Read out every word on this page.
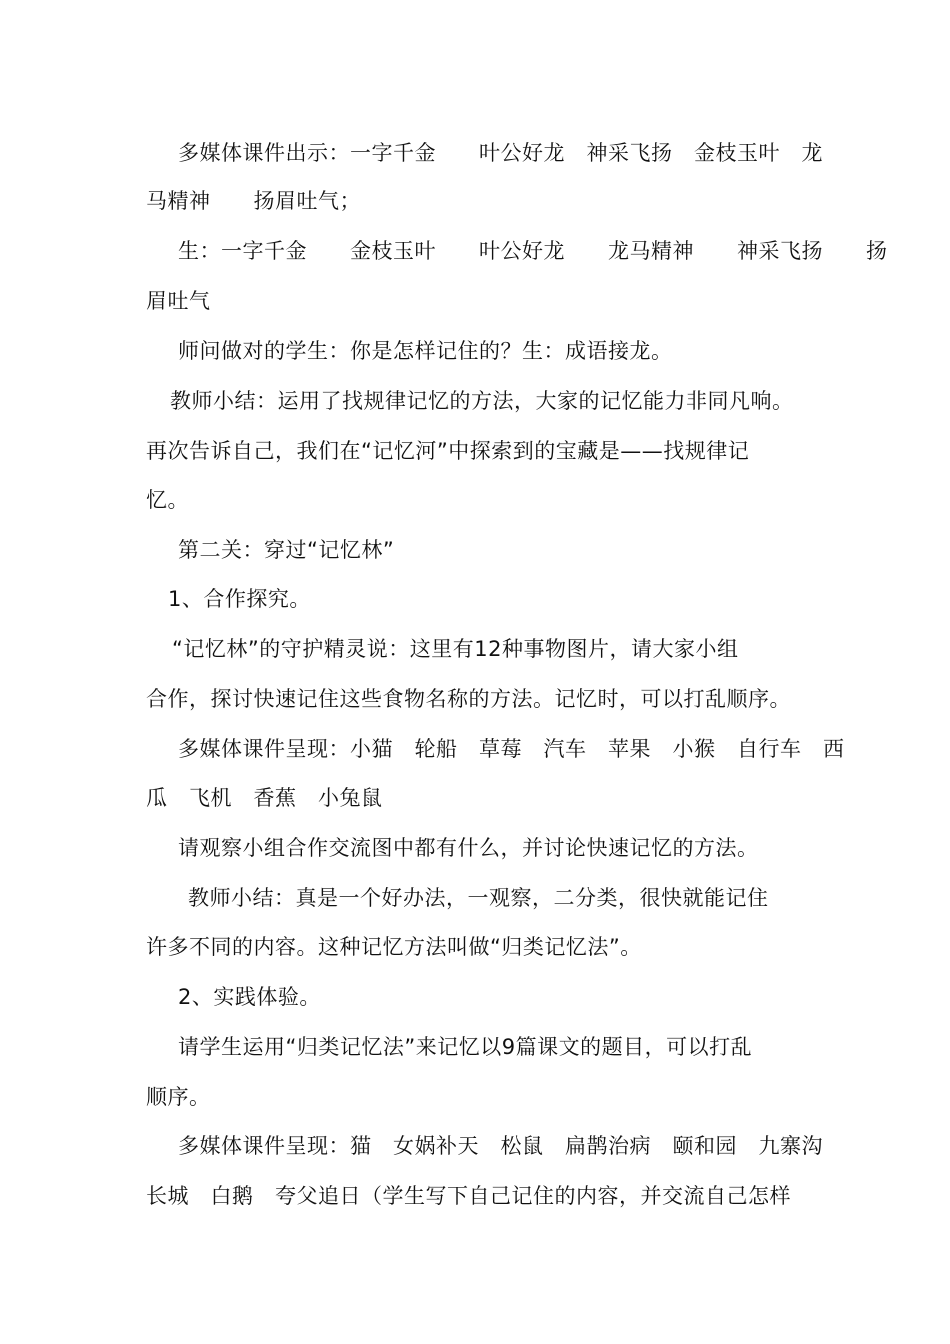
多媒体课件出示：一字千金　　叶公好龙　神采飞扬　金枝玉叶　龙
马精神　　扬眉吐气；
生：一字千金　　金枝玉叶　　叶公好龙　　龙马精神　　神采飞扬　　扬
眉吐气
师问做对的学生：你是怎样记住的？生：成语接龙。
教师小结：运用了找规律记忆的方法，大家的记忆能力非同凡响。
再次告诉自己，我们在“记忆河”中探索到的宝藏是——找规律记
忆。
第二关：穿过“记忆林”
1、合作探究。
“记忆林”的守护精灵说：这里有12种事物图片，请大家小组
合作，探讨快速记住这些食物名称的方法。记忆时，可以打乱顺序。
多媒体课件呈现：小猫　轮船　草莓　汽车　苹果　小猴　自行车　西
瓜　飞机　香蕉　小兔鼠
请观察小组合作交流图中都有什么，并讨论快速记忆的方法。
教师小结：真是一个好办法，一观察，二分类，很快就能记住
许多不同的内容。这种记忆方法叫做“归类记忆法”。
2、实践体验。
请学生运用“归类记忆法”来记忆以9篇课文的题目，可以打乱
顺序。
多媒体课件呈现：猫　女娲补天　松鼠　扁鹊治病　颐和园　九寨沟
长城　白鹅　夸父追日（学生写下自己记住的内容，并交流自己怎样
